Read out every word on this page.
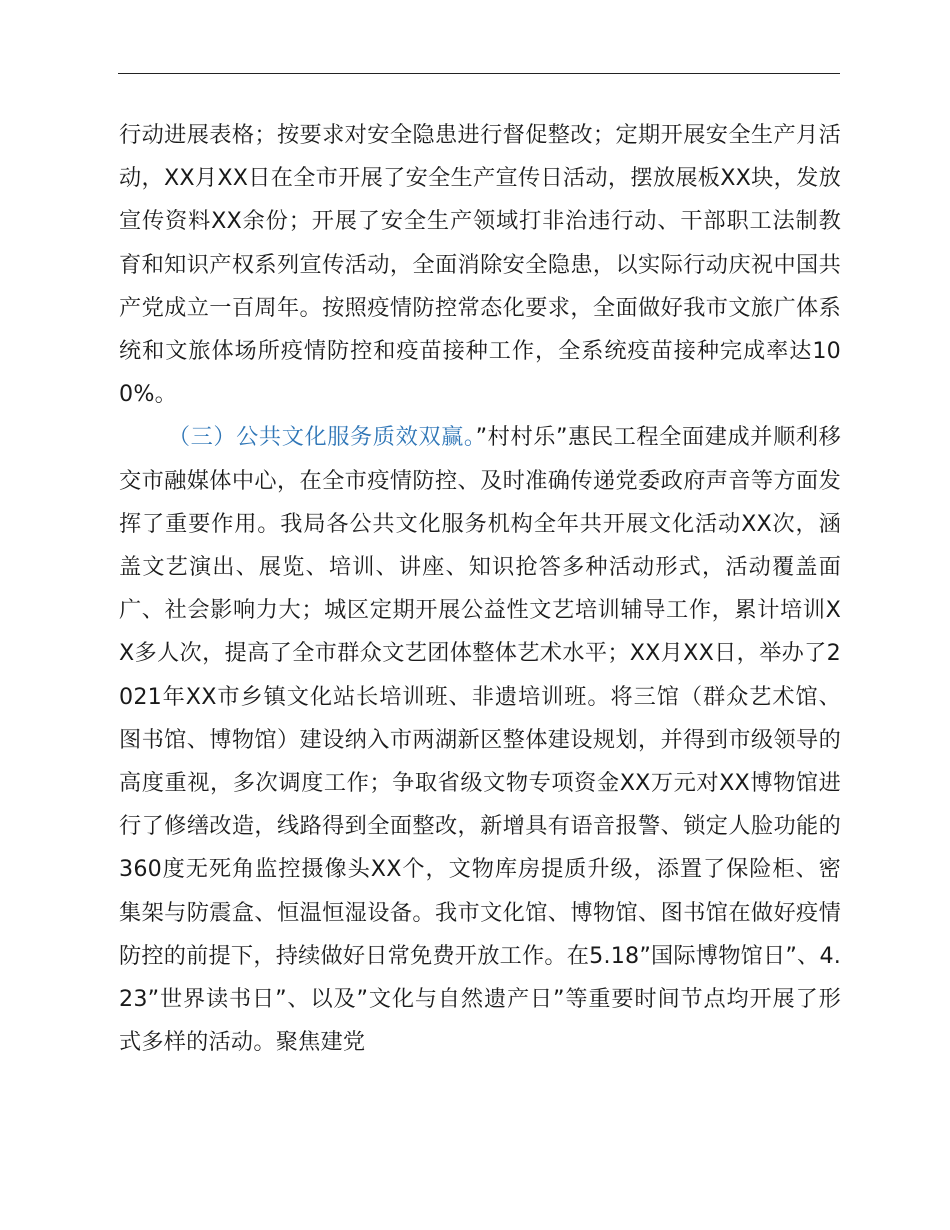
行动进展表格；按要求对安全隐患进行督促整改；定期开展安全生产月活动，XX月XX日在全市开展了安全生产宣传日活动，摆放展板XX块，发放宣传资料XX余份；开展了安全生产领域打非治违行动、干部职工法制教育和知识产权系列宣传活动，全面消除安全隐患，以实际行动庆祝中国共产党成立一百周年。按照疫情防控常态化要求，全面做好我市文旅广体系统和文旅体场所疫情防控和疫苗接种工作，全系统疫苗接种完成率达100%。

（三）公共文化服务质效双赢。”村村乐”惠民工程全面建成并顺利移交市融媒体中心，在全市疫情防控、及时准确传递党委政府声音等方面发挥了重要作用。我局各公共文化服务机构全年共开展文化活动XX次，涵盖文艺演出、展览、培训、讲座、知识抢答多种活动形式，活动覆盖面广、社会影响力大；城区定期开展公益性文艺培训辅导工作，累计培训XX多人次，提高了全市群众文艺团体整体艺术水平；XX月XX日，举办了2021年XX市乡镇文化站长培训班、非遗培训班。将三馆（群众艺术馆、图书馆、博物馆）建设纳入市两湖新区整体建设规划，并得到市级领导的高度重视，多次调度工作；争取省级文物专项资金XX万元对XX博物馆进行了修缮改造，线路得到全面整改，新增具有语音报警、锁定人脸功能的360度无死角监控摄像头XX个，文物库房提质升级，添置了保险柜、密集架与防震盒、恒温恒湿设备。我市文化馆、博物馆、图书馆在做好疫情防控的前提下，持续做好日常免费开放工作。在5.18”国际博物馆日”、4.23”世界读书日”、以及”文化与自然遗产日”等重要时间节点均开展了形式多样的活动。聚焦建党
